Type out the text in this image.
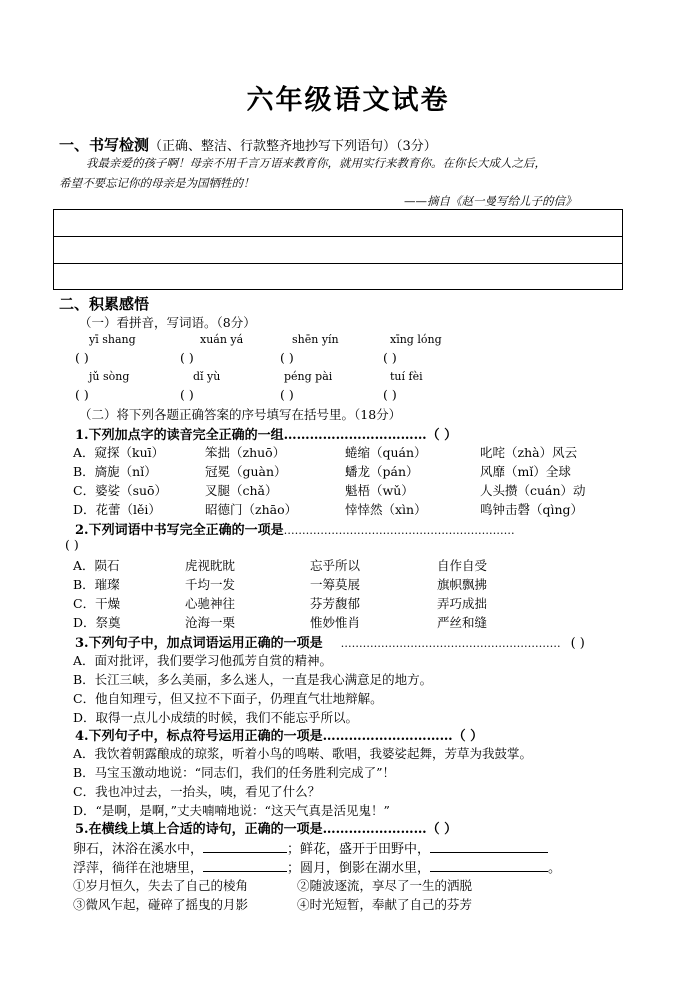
六年级语文试卷
一、书写检测（正确、整洁、行款整齐地抄写下列语句）（3分）
我最亲爱的孩子啊！母亲不用千言万语来教育你，就用实行来教育你。在你长大成人之后，
希望不要忘记你的母亲是为国牺牲的！
——摘自《赵一曼写给儿子的信》
二、积累感悟
（一）看拼音，写词语。（8分）
yī shang	xuán yá	shēn yín	xīng lóng
( )	( )	( )	( )
jǔ sòng	dǐ yù	péng pài	tuí fèi
( )	( )	( )	( )
（二）将下列各题正确答案的序号填写在括号里。（18分）
1.下列加点字的读音完全正确的一组……………………………（ ）
A．窥探（kuī）	笨拙（zhuō）	蜷缩（quán）	叱咤（zhà）风云
B．旖旎（nǐ）	冠冕（guàn）	蟠龙（pán）	风靡（mǐ）全球
C．婆娑（suō）	叉腿（chǎ）	魁梧（wǔ）	人头攒（cuán）动
D．花蕾（lěi）	昭德门（zhāo）	悻悻然（xìn）	鸣钟击磬（qìng）
2.下列词语中书写完全正确的一项是………………………………………………………
( )
A．陨石	虎视眈眈	忘乎所以	自作自受
B．璀璨	千均一发	一筹莫展	旗帜飘拂
C．干燥	心驰神往	芬芳馥郁	弄巧成拙
D．祭奠	沧海一栗	惟妙惟肖	严丝和缝
3.下列句子中，加点词语运用正确的一项是 …………………………………………………… ( )
A．面对批评，我们要学习他孤芳自赏的精神。
B．长江三峡，多么美丽，多么迷人，一直是我心满意足的地方。
C．他自知理亏，但又拉不下面子，仍理直气壮地辩解。
D．取得一点儿小成绩的时候，我们不能忘乎所以。
4.下列句子中，标点符号运用正确的一项是…………………………（ ）
A．我饮着朝露酿成的琼浆，听着小鸟的鸣啭、歌唱，我婆娑起舞，芳草为我鼓掌。
B．马宝玉激动地说：“同志们，我们的任务胜利完成了”！
C．我也冲过去，一抬头，咦，看见了什么？
D．“是啊，是啊，”丈夫喃喃地说：“这天气真是活见鬼！”
5.在横线上填上合适的诗句，正确的一项是……………………（ ）
卵石，沐浴在溪水中，	；鲜花，盛开于田野中，
浮萍，徜徉在池塘里，	；圆月，倒影在湖水里，	。
①岁月恒久，失去了自己的棱角	②随波逐流，享尽了一生的洒脱
③微风乍起，碰碎了摇曳的月影	④时光短暂，奉献了自己的芬芳
